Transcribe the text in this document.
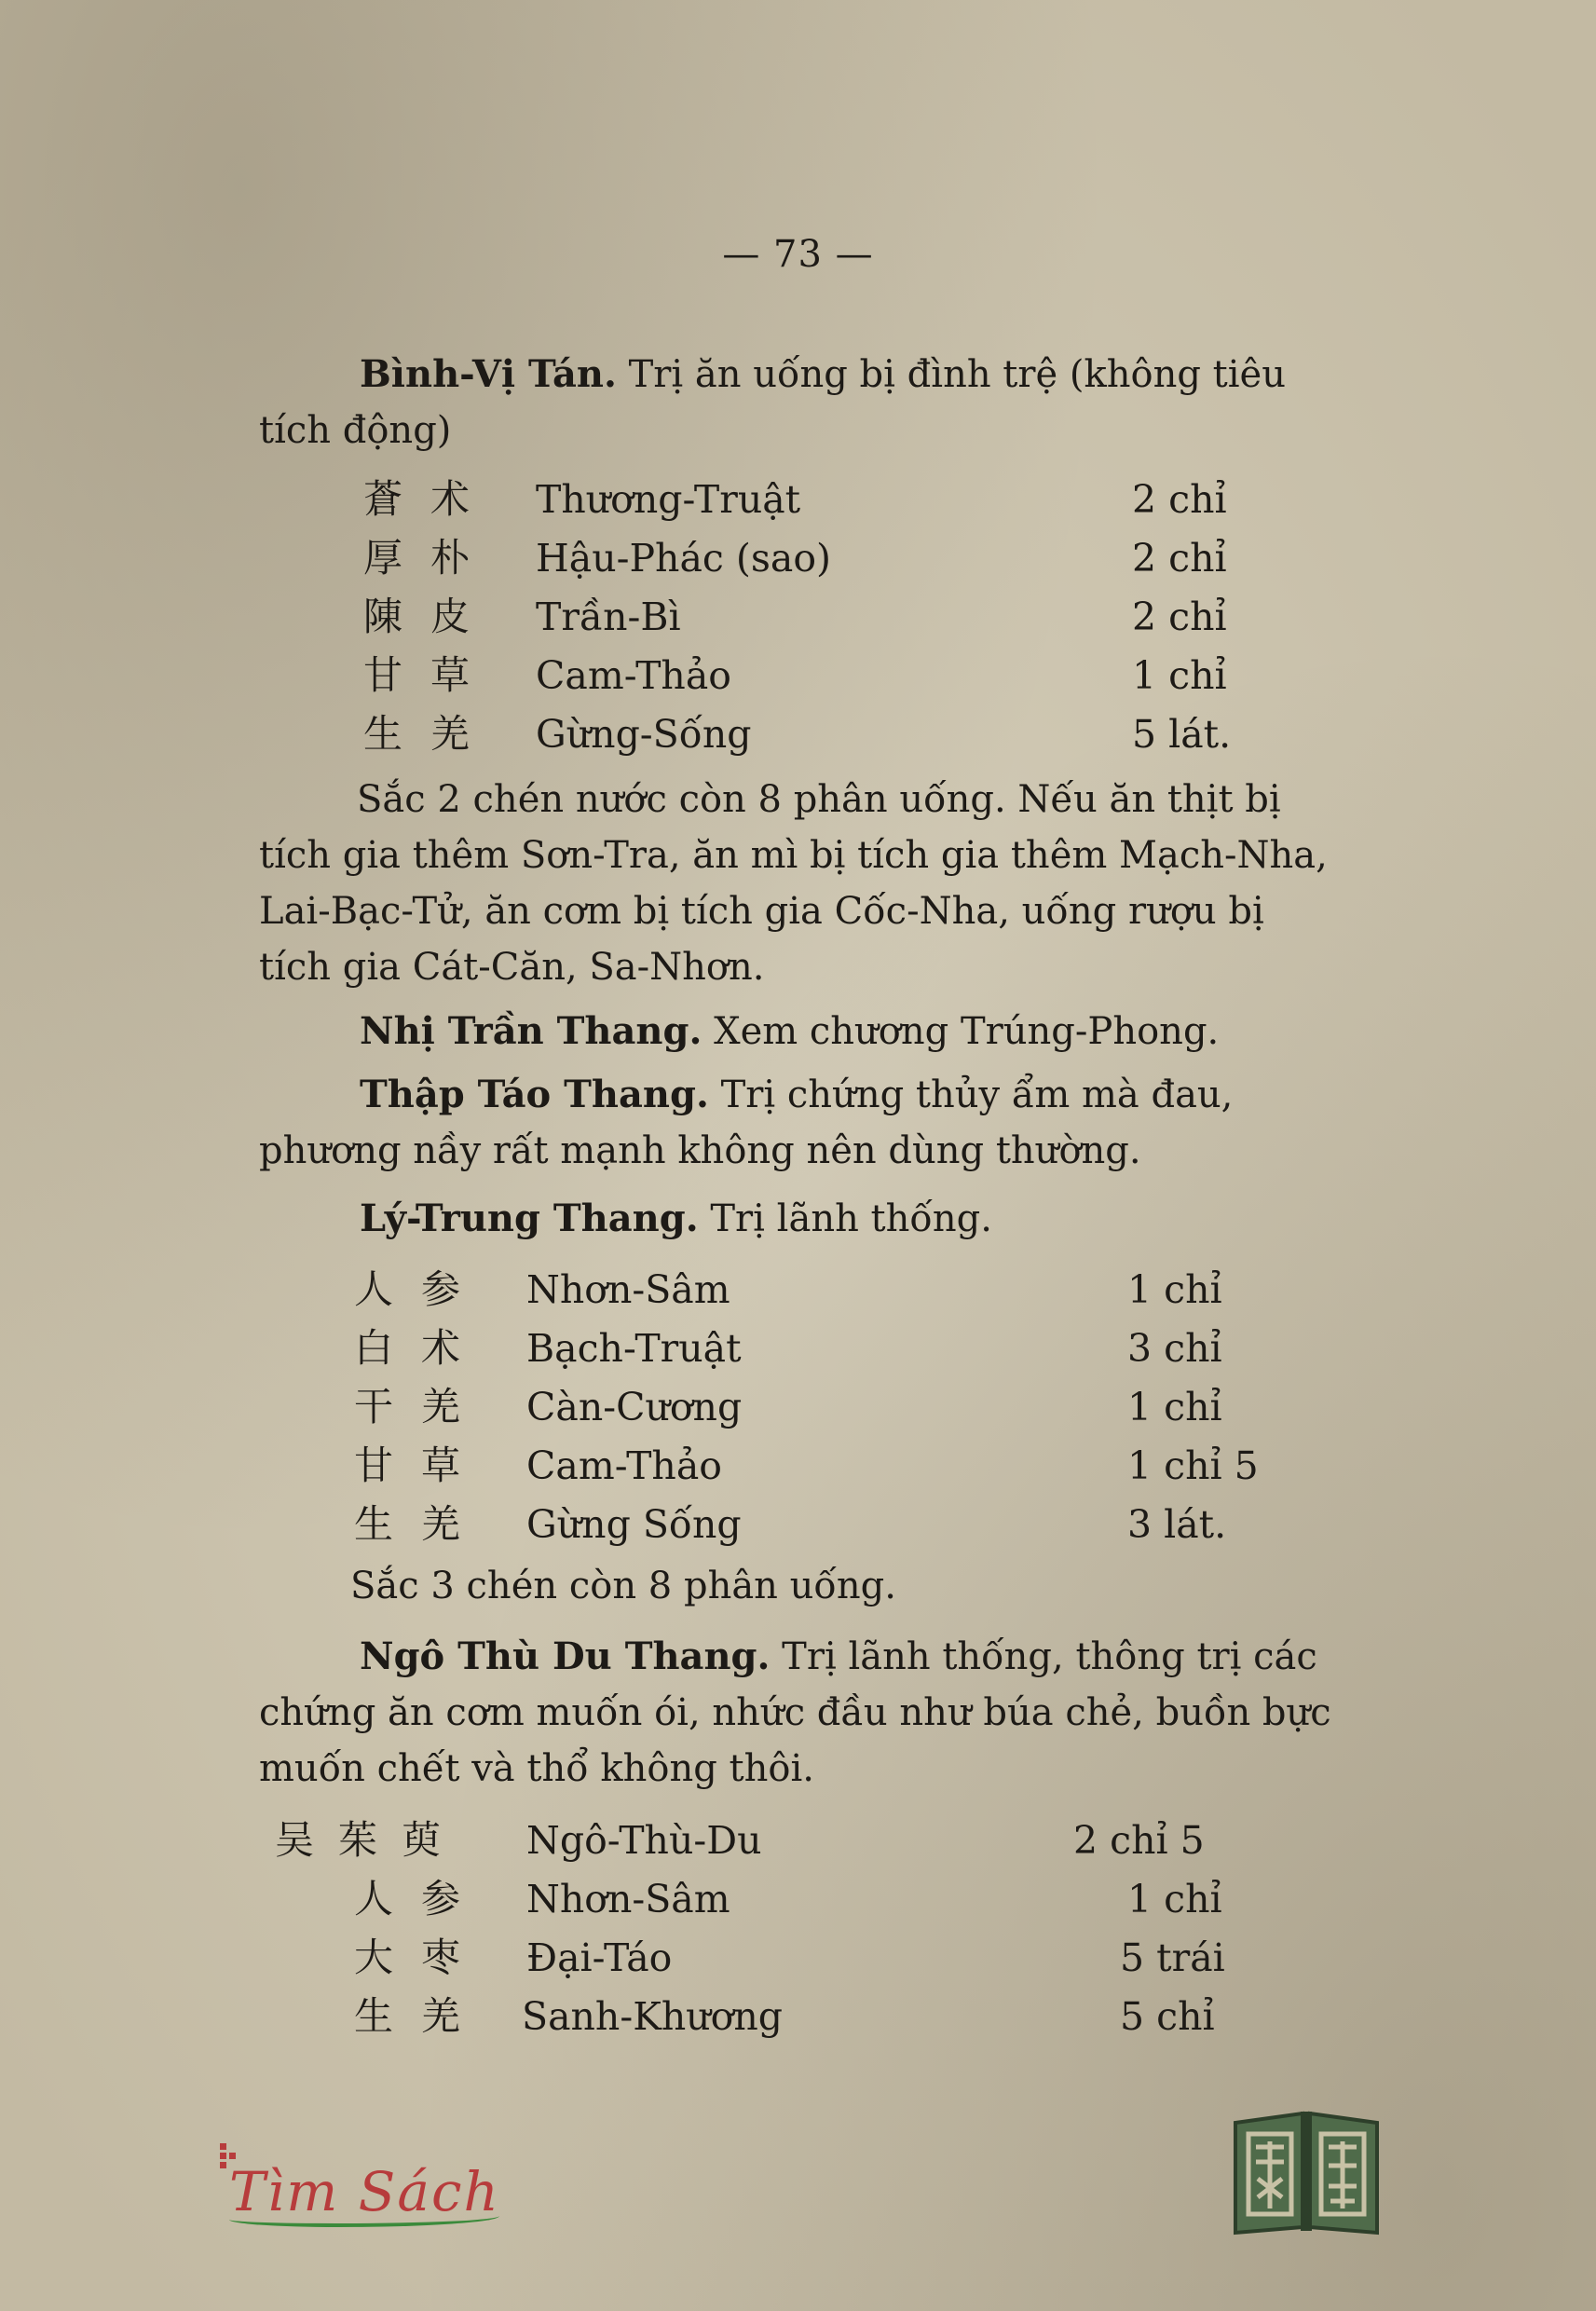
— 73 —

Bình-Vị Tán. Trị ăn uống bị đình trệ (không tiêu tích động)

蒼术 Thương-Truật	2 chỉ
厚朴 Hậu-Phác (sao)	2 chỉ
陳皮 Trần-Bì	2 chỉ
甘草 Cam-Thảo	1 chỉ
生羌 Gừng-Sống	5 lát.

Sắc 2 chén nước còn 8 phân uống. Nếu ăn thịt bị tích gia thêm Sơn-Tra, ăn mì bị tích gia thêm Mạch-Nha, Lai-Bạc-Tử, ăn cơm bị tích gia Cốc-Nha, uống rượu bị tích gia Cát-Căn, Sa-Nhơn.

Nhị Trần Thang. Xem chương Trúng-Phong.

Thập Táo Thang. Trị chứng thủy ẩm mà đau, phương nầy rất mạnh không nên dùng thường.

Lý-Trung Thang. Trị lãnh thống.

人参 Nhơn-Sâm	1 chỉ
白术 Bạch-Truật	3 chỉ
干羌 Càn-Cương	1 chỉ
甘草 Cam-Thảo	1 chỉ 5
生羌 Gừng Sống	3 lát.

Sắc 3 chén còn 8 phân uống.

Ngô Thù Du Thang. Trị lãnh thống, thông trị các chứng ăn cơm muốn ói, nhức đầu như búa chẻ, buồn bực muốn chết và thổ không thôi.

吴茱萸 Ngô-Thù-Du	2 chỉ 5
人参 Nhơn-Sâm	1 chỉ
大枣 Đại-Táo	5 trái
生羌 Sanh-Khương	5 chỉ
Tìm Sách
